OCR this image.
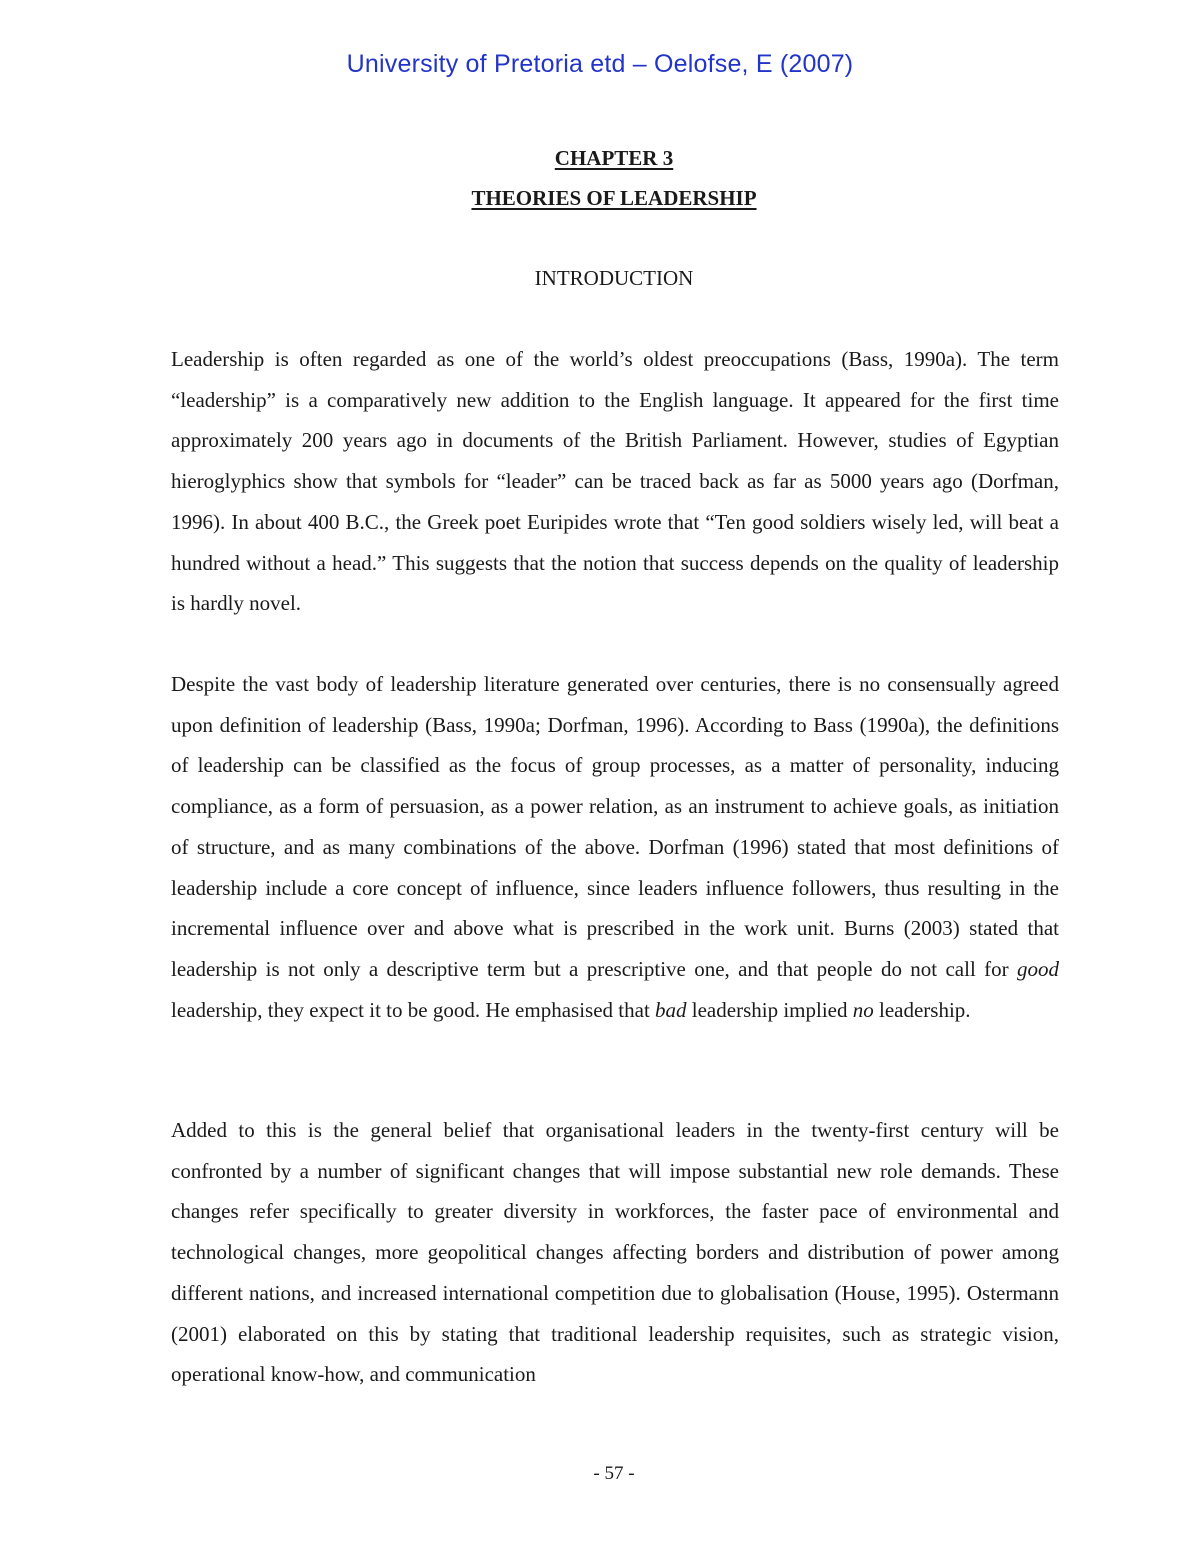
University of Pretoria etd – Oelofse, E (2007)
CHAPTER 3
THEORIES OF LEADERSHIP
INTRODUCTION

Leadership is often regarded as one of the world’s oldest preoccupations (Bass, 1990a). The term “leadership” is a comparatively new addition to the English language. It appeared for the first time approximately 200 years ago in documents of the British Parliament. However, studies of Egyptian hieroglyphics show that symbols for “leader” can be traced back as far as 5000 years ago (Dorfman, 1996). In about 400 B.C., the Greek poet Euripides wrote that “Ten good soldiers wisely led, will beat a hundred without a head.” This suggests that the notion that success depends on the quality of leadership is hardly novel.

Despite the vast body of leadership literature generated over centuries, there is no consensually agreed upon definition of leadership (Bass, 1990a; Dorfman, 1996). According to Bass (1990a), the definitions of leadership can be classified as the focus of group processes, as a matter of personality, inducing compliance, as a form of persuasion, as a power relation, as an instrument to achieve goals, as initiation of structure, and as many combinations of the above. Dorfman (1996) stated that most definitions of leadership include a core concept of influence, since leaders influence followers, thus resulting in the incremental influence over and above what is prescribed in the work unit. Burns (2003) stated that leadership is not only a descriptive term but a prescriptive one, and that people do not call for good leadership, they expect it to be good. He emphasised that bad leadership implied no leadership.

Added to this is the general belief that organisational leaders in the twenty-first century will be confronted by a number of significant changes that will impose substantial new role demands. These changes refer specifically to greater diversity in workforces, the faster pace of environmental and technological changes, more geopolitical changes affecting borders and distribution of power among different nations, and increased international competition due to globalisation (House, 1995). Ostermann (2001) elaborated on this by stating that traditional leadership requisites, such as strategic vision, operational know-how, and communication

- 57 -
